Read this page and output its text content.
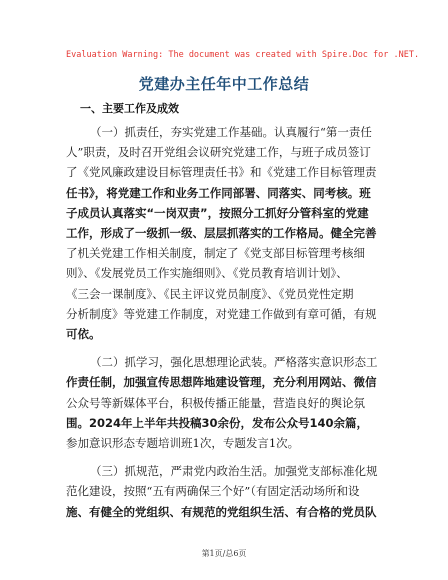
Evaluation Warning: The document was created with Spire.Doc for .NET.
党建办主任年中工作总结
一、主要工作及成效
（一）抓责任，夯实党建工作基础。认真履行“第一责任
人”职责，及时召开党组会议研究党建工作，与班子成员签订
了《党风廉政建设目标管理责任书》和《党建工作目标管理责
任书》，将党建工作和业务工作同部署、同落实、同考核。班
子成员认真落实“一岗双责”，按照分工抓好分管科室的党建
工作，形成了一级抓一级、层层抓落实的工作格局。健全完善
了机关党建工作相关制度，制定了《党支部目标管理考核细
则》、《发展党员工作实施细则》、《党员教育培训计划》、
《三会一课制度》、《民主评议党员制度》、《党员党性定期
分析制度》等党建工作制度，对党建工作做到有章可循，有规
可依。
（二）抓学习，强化思想理论武装。严格落实意识形态工
作责任制，加强宣传思想阵地建设管理，充分利用网站、微信
公众号等新媒体平台，积极传播正能量，营造良好的舆论氛
围。2024年上半年共投稿30余份，发布公众号140余篇，
参加意识形态专题培训班1次，专题发言1次。
（三）抓规范，严肃党内政治生活。加强党支部标准化规
范化建设，按照“五有两确保三个好”（有固定活动场所和设
施、有健全的党组织、有规范的党组织生活、有合格的党员队
第1页/总6页
